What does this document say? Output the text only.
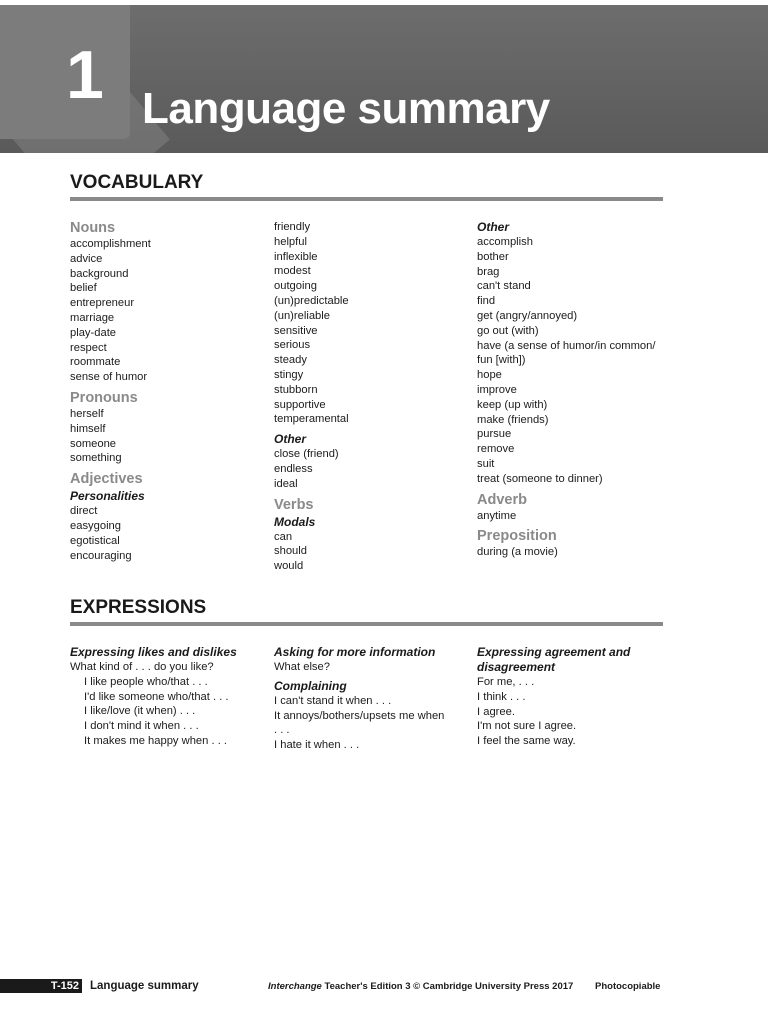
1 Language summary
VOCABULARY
Nouns
accomplishment
advice
background
belief
entrepreneur
marriage
play-date
respect
roommate
sense of humor
Pronouns
herself
himself
someone
something
Adjectives
Personalities
direct
easygoing
egotistical
encouraging
friendly
helpful
inflexible
modest
outgoing
(un)predictable
(un)reliable
sensitive
serious
steady
stingy
stubborn
supportive
temperamental
Other
close (friend)
endless
ideal
Verbs
Modals
can
should
would
Other
accomplish
bother
brag
can't stand
find
get (angry/annoyed)
go out (with)
have (a sense of humor/in common/
fun [with])
hope
improve
keep (up with)
make (friends)
pursue
remove
suit
treat (someone to dinner)
Adverb
anytime
Preposition
during (a movie)
EXPRESSIONS
Expressing likes and dislikes
What kind of . . . do you like?
I like people who/that . . .
I'd like someone who/that . . .
I like/love (it when) . . .
I don't mind it when . . .
It makes me happy when . . .
Asking for more information
What else?
Complaining
I can't stand it when . . .
It annoys/bothers/upsets me when
. . .
I hate it when . . .
Expressing agreement and
disagreement
For me, . . .
I think . . .
I agree.
I'm not sure I agree.
I feel the same way.
T-152 Language summary	Interchange Teacher's Edition 3 © Cambridge University Press 2017 Photocopiable
